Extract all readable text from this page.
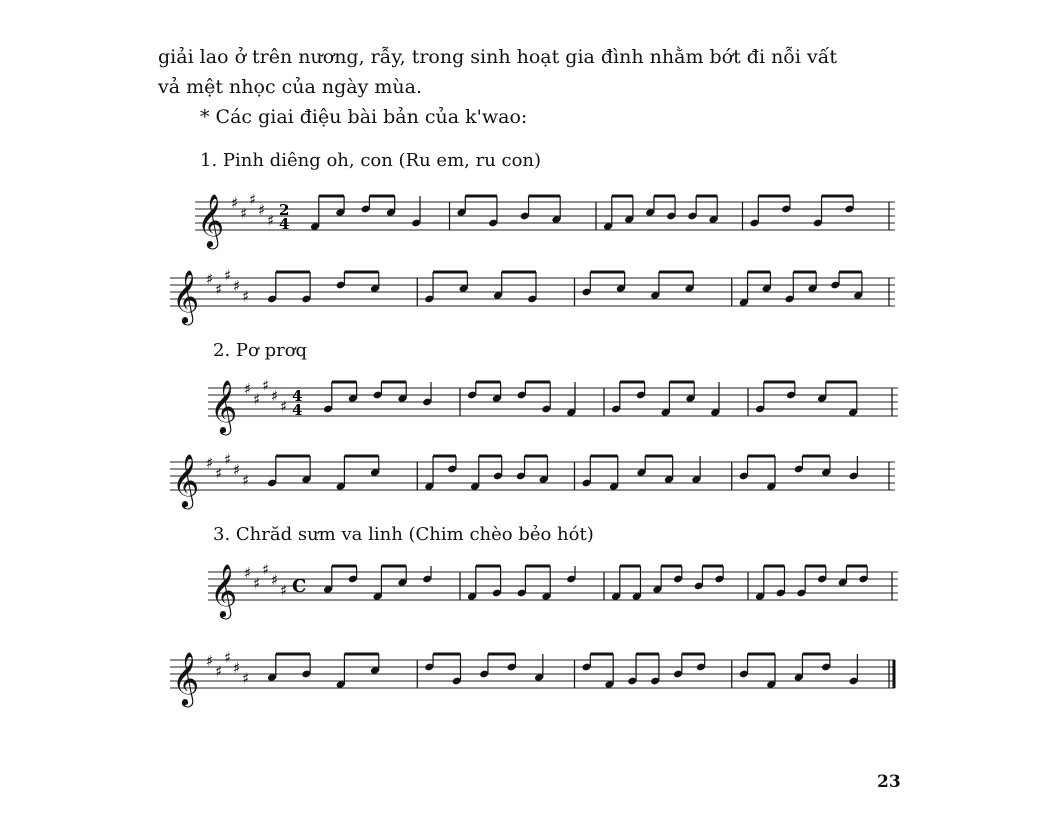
giải lao ở trên nương, rẫy, trong sinh hoạt gia đình nhằm bớt đi nỗi vất
vả mệt nhọc của ngày mùa.
* Các giai điệu bài bản của k'wao:
1. Pinh diêng oh, con (Ru em, ru con)
𝄞 ♯
♯
♯
♯
♯
2
4
𝄞 ♯
♯
♯
♯
♯
2. Pơ prơq
𝄞 ♯
♯
♯
♯
♯
4
4
𝄞 ♯
♯
♯
♯
♯
3. Chrăd sưm va linh (Chim chèo bẻo hót)
𝄞 ♯
♯
♯
♯
♯ C
𝄞 ♯
♯
♯
♯
♯
23
